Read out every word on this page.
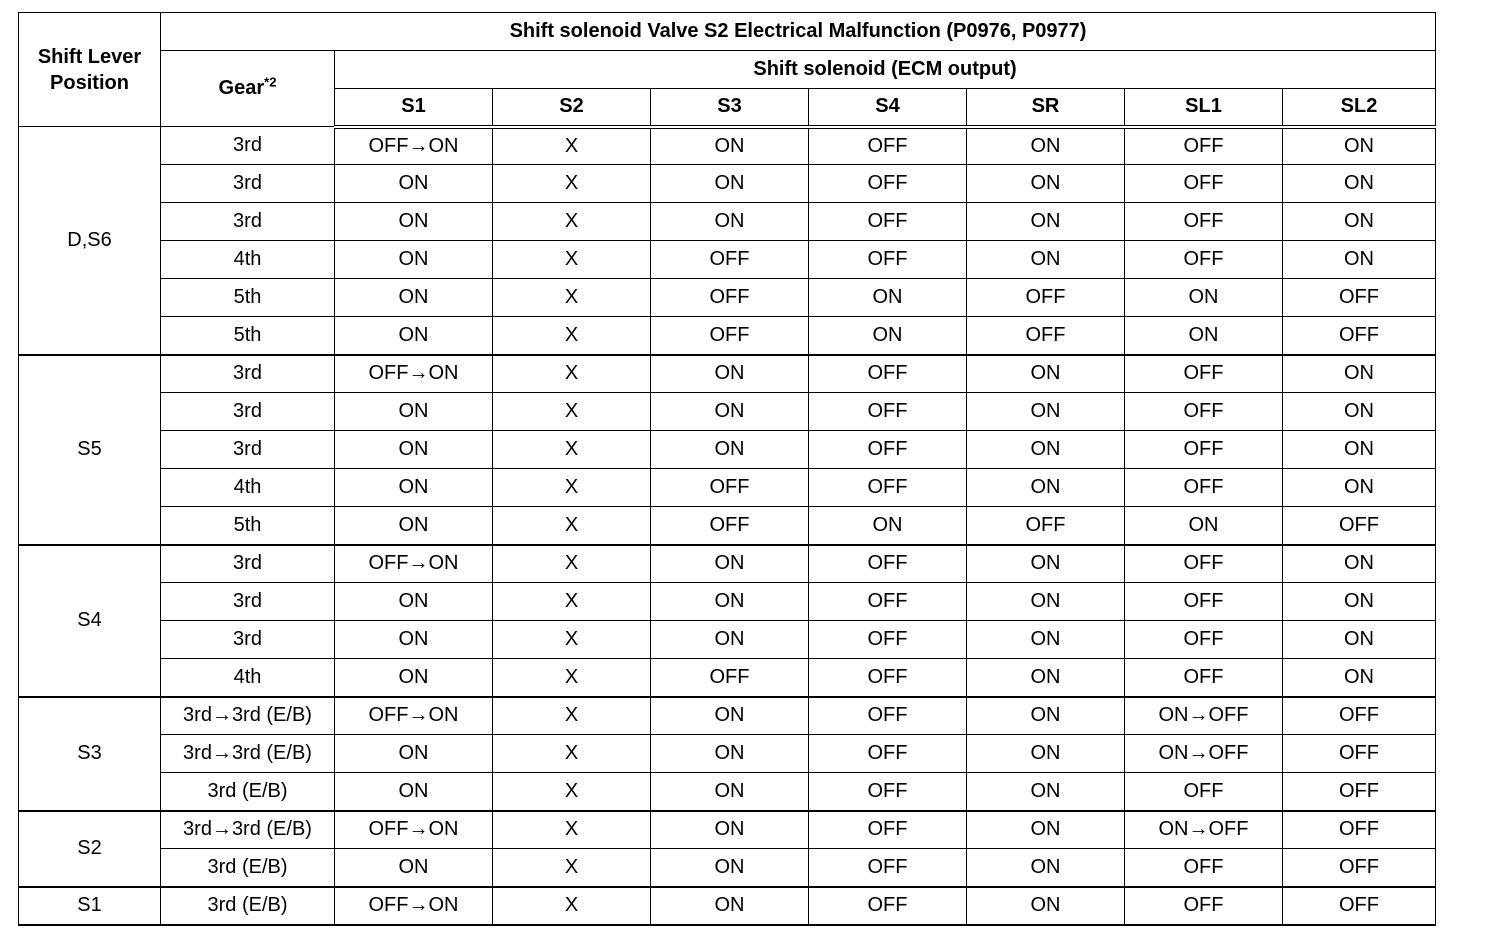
Shift Lever Position	Shift solenoid Valve S2 Electrical Malfunction (P0976, P0977)							
	Gear$^{*2}$	Shift solenoid (ECM output)						
		S1	S2	S3	S4	SR	SL1	SL2
D,S6	3rd	OFF→ON	X	ON	OFF	ON	OFF	ON
	3rd	ON	X	ON	OFF	ON	OFF	ON
	3rd	ON	X	ON	OFF	ON	OFF	ON
	4th	ON	X	OFF	OFF	ON	OFF	ON
	5th	ON	X	OFF	ON	OFF	ON	OFF
	5th	ON	X	OFF	ON	OFF	ON	OFF
S5	3rd	OFF→ON	X	ON	OFF	ON	OFF	ON
	3rd	ON	X	ON	OFF	ON	OFF	ON
	3rd	ON	X	ON	OFF	ON	OFF	ON
	4th	ON	X	OFF	OFF	ON	OFF	ON
	5th	ON	X	OFF	ON	OFF	ON	OFF
S4	3rd	OFF→ON	X	ON	OFF	ON	OFF	ON
	3rd	ON	X	ON	OFF	ON	OFF	ON
	3rd	ON	X	ON	OFF	ON	OFF	ON
	4th	ON	X	OFF	OFF	ON	OFF	ON
S3	3rd→3rd (E/B)	OFF→ON	X	ON	OFF	ON	ON→OFF	OFF
	3rd→3rd (E/B)	ON	X	ON	OFF	ON	ON→OFF	OFF
	3rd (E/B)	ON	X	ON	OFF	ON	OFF	OFF
S2	3rd→3rd (E/B)	OFF→ON	X	ON	OFF	ON	ON→OFF	OFF
	3rd (E/B)	ON	X	ON	OFF	ON	OFF	OFF
S1	3rd (E/B)	OFF→ON	X	ON	OFF	ON	OFF	OFF
